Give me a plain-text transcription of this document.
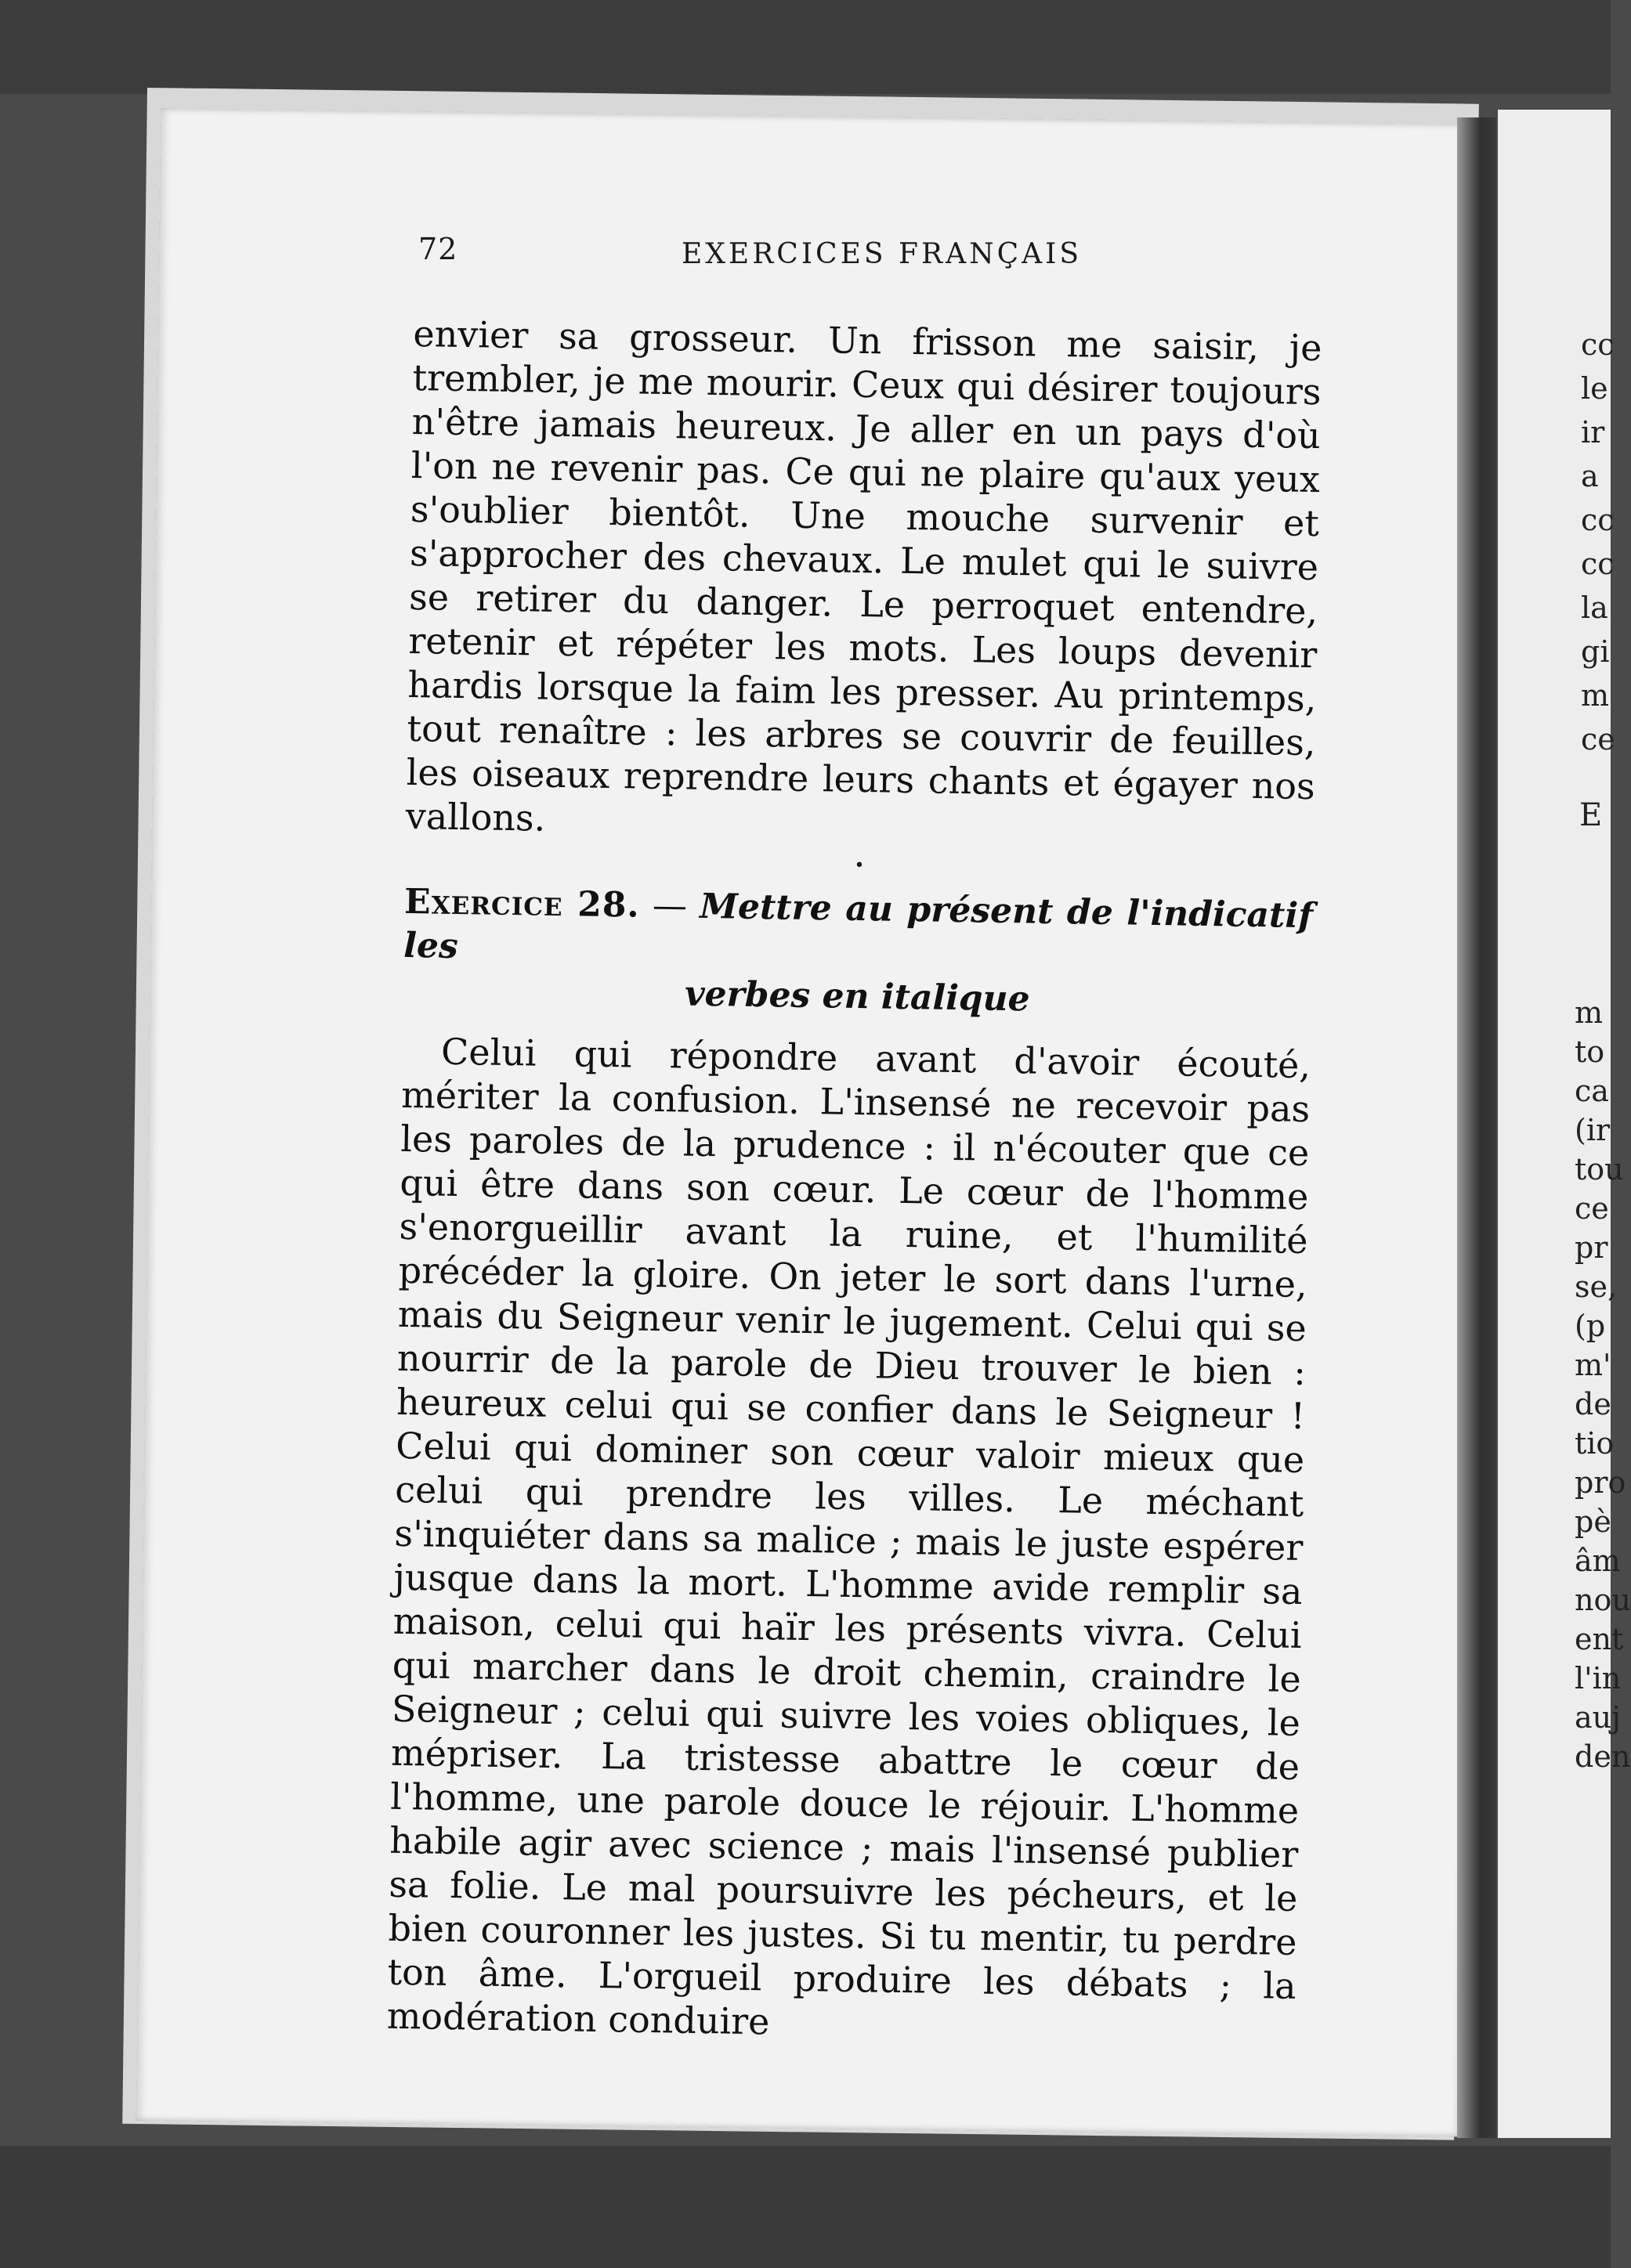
72	EXERCICES FRANÇAIS

envier sa grosseur. Un frisson me saisir, je trembler, je me mourir. Ceux qui désirer toujours n'être jamais heureux. Je aller en un pays d'où l'on ne revenir pas. Ce qui ne plaire qu'aux yeux s'oublier bientôt. Une mouche survenir et s'approcher des chevaux. Le mulet qui le suivre se retirer du danger. Le perroquet entendre, retenir et répéter les mots. Les loups devenir hardis lorsque la faim les presser. Au printemps, tout renaître : les arbres se couvrir de feuilles, les oiseaux reprendre leurs chants et égayer nos vallons.

•
Exercice 28. — Mettre au présent de l'indicatif les
verbes en italique

Celui qui répondre avant d'avoir écouté, mériter la confusion. L'insensé ne recevoir pas les paroles de la prudence : il n'écouter que ce qui être dans son cœur. Le cœur de l'homme s'enorgueillir avant la ruine, et l'humilité précéder la gloire. On jeter le sort dans l'urne, mais du Seigneur venir le jugement. Celui qui se nourrir de la parole de Dieu trouver le bien : heureux celui qui se confier dans le Seigneur ! Celui qui dominer son cœur valoir mieux que celui qui prendre les villes. Le méchant s'inquiéter dans sa malice ; mais le juste espérer jusque dans la mort. L'homme avide remplir sa maison, celui qui haïr les présents vivra. Celui qui marcher dans le droit chemin, craindre le Seigneur ; celui qui suivre les voies obliques, le mépriser. La tristesse abattre le cœur de l'homme, une parole douce le réjouir. L'homme habile agir avec science ; mais l'insensé publier sa folie. Le mal poursuivre les pécheurs, et le bien couronner les justes. Si tu mentir, tu perdre ton âme. L'orgueil produire les débats ; la modération conduire

cc
le
ir
a
cc
cc
la
gi
m
ce
E
m
to
ca
(ir
tou
ce
pr
se,
(p
m'
de
tio
pro
pè
âm
nou
ent
l'in
auj
den
